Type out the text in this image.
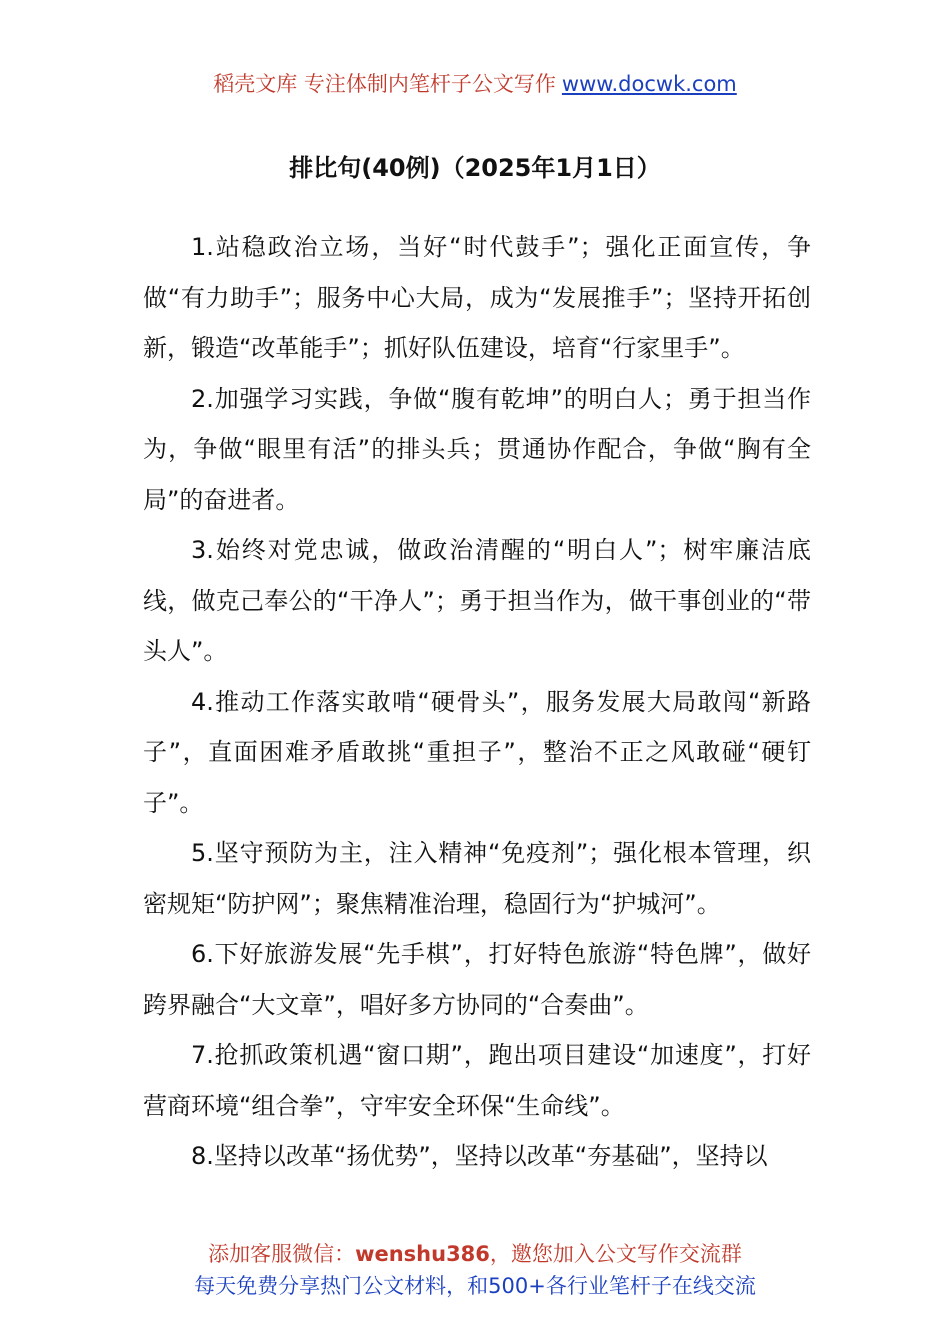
稻壳文库 专注体制内笔杆子公文写作 www.docwk.com
排比句(40例)（2025年1月1日）

1.站稳政治立场，当好“时代鼓手”；强化正面宣传，争做“有力助手”；服务中心大局，成为“发展推手”；坚持开拓创新，锻造“改革能手”；抓好队伍建设，培育“行家里手”。

2.加强学习实践，争做“腹有乾坤”的明白人；勇于担当作为，争做“眼里有活”的排头兵；贯通协作配合，争做“胸有全局”的奋进者。

3.始终对党忠诚，做政治清醒的“明白人”；树牢廉洁底线，做克己奉公的“干净人”；勇于担当作为，做干事创业的“带头人”。

4.推动工作落实敢啃“硬骨头”，服务发展大局敢闯“新路子”，直面困难矛盾敢挑“重担子”，整治不正之风敢碰“硬钉子”。

5.坚守预防为主，注入精神“免疫剂”；强化根本管理，织密规矩“防护网”；聚焦精准治理，稳固行为“护城河”。

6.下好旅游发展“先手棋”，打好特色旅游“特色牌”，做好跨界融合“大文章”，唱好多方协同的“合奏曲”。

7.抢抓政策机遇“窗口期”，跑出项目建设“加速度”，打好营商环境“组合拳”，守牢安全环保“生命线”。

8.坚持以改革“扬优势”，坚持以改革“夯基础”，坚持以

添加客服微信：wenshu386，邀您加入公文写作交流群
每天免费分享热门公文材料，和500+各行业笔杆子在线交流
